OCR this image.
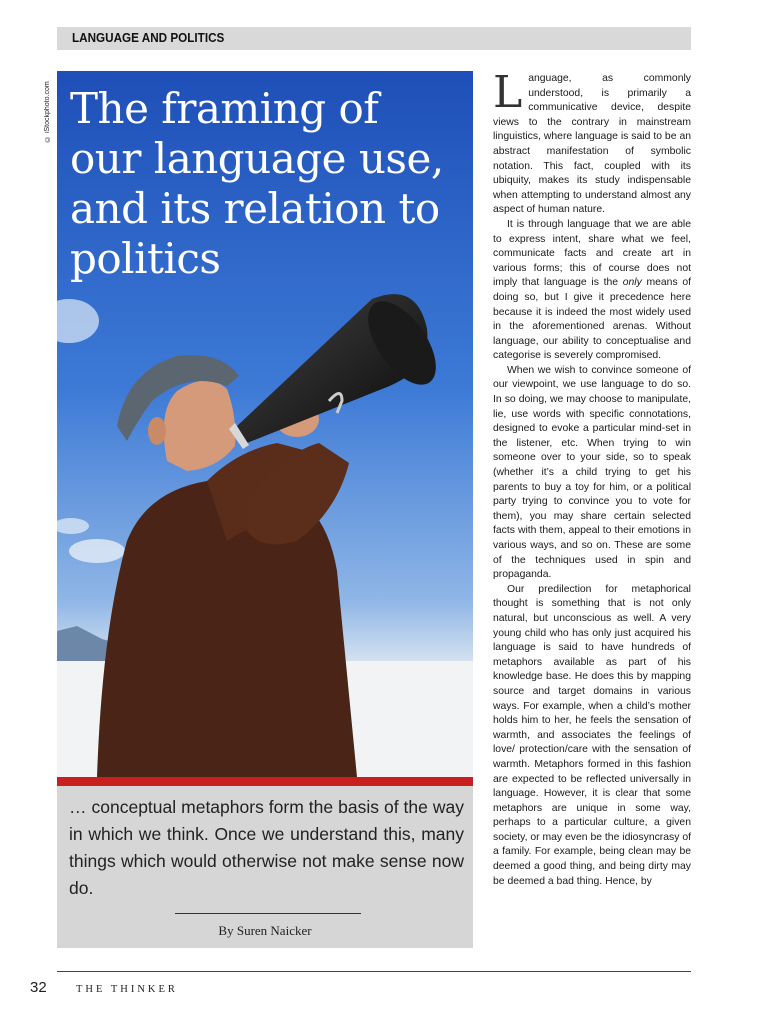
LANGUAGE AND POLITICS
© iStockphoto.com The framing of our language use, and its relation to politics

… conceptual metaphors form the basis of the way in which we think. Once we understand this, many things which would otherwise not make sense now do.

By Suren Naicker

Language, as commonly understood, is primarily a communicative device, despite views to the contrary in mainstream linguistics, where language is said to be an abstract manifestation of symbolic notation. This fact, coupled with its ubiquity, makes its study indispensable when attempting to understand almost any aspect of human nature.

It is through language that we are able to express intent, share what we feel, communicate facts and create art in various forms; this of course does not imply that language is the only means of doing so, but I give it precedence here because it is indeed the most widely used in the aforementioned arenas. Without language, our ability to conceptualise and categorise is severely compromised.

When we wish to convince someone of our viewpoint, we use language to do so. In so doing, we may choose to manipulate, lie, use words with specific connotations, designed to evoke a particular mind-set in the listener, etc. When trying to win someone over to your side, so to speak (whether it’s a child trying to get his parents to buy a toy for him, or a political party trying to convince you to vote for them), you may share certain selected facts with them, appeal to their emotions in various ways, and so on. These are some of the techniques used in spin and propaganda.

Our predilection for metaphorical thought is something that is not only natural, but unconscious as well. A very young child who has only just acquired his language is said to have hundreds of metaphors available as part of his knowledge base. He does this by mapping source and target domains in various ways. For example, when a child’s mother holds him to her, he feels the sensation of warmth, and associates the feelings of love/ protection/care with the sensation of warmth. Metaphors formed in this fashion are expected to be reflected universally in language. However, it is clear that some metaphors are unique in some way, perhaps to a particular culture, a given society, or may even be the idiosyncrasy of a family. For example, being clean may be deemed a good thing, and being dirty may be deemed a bad thing. Hence, by

32	THE THINKER
